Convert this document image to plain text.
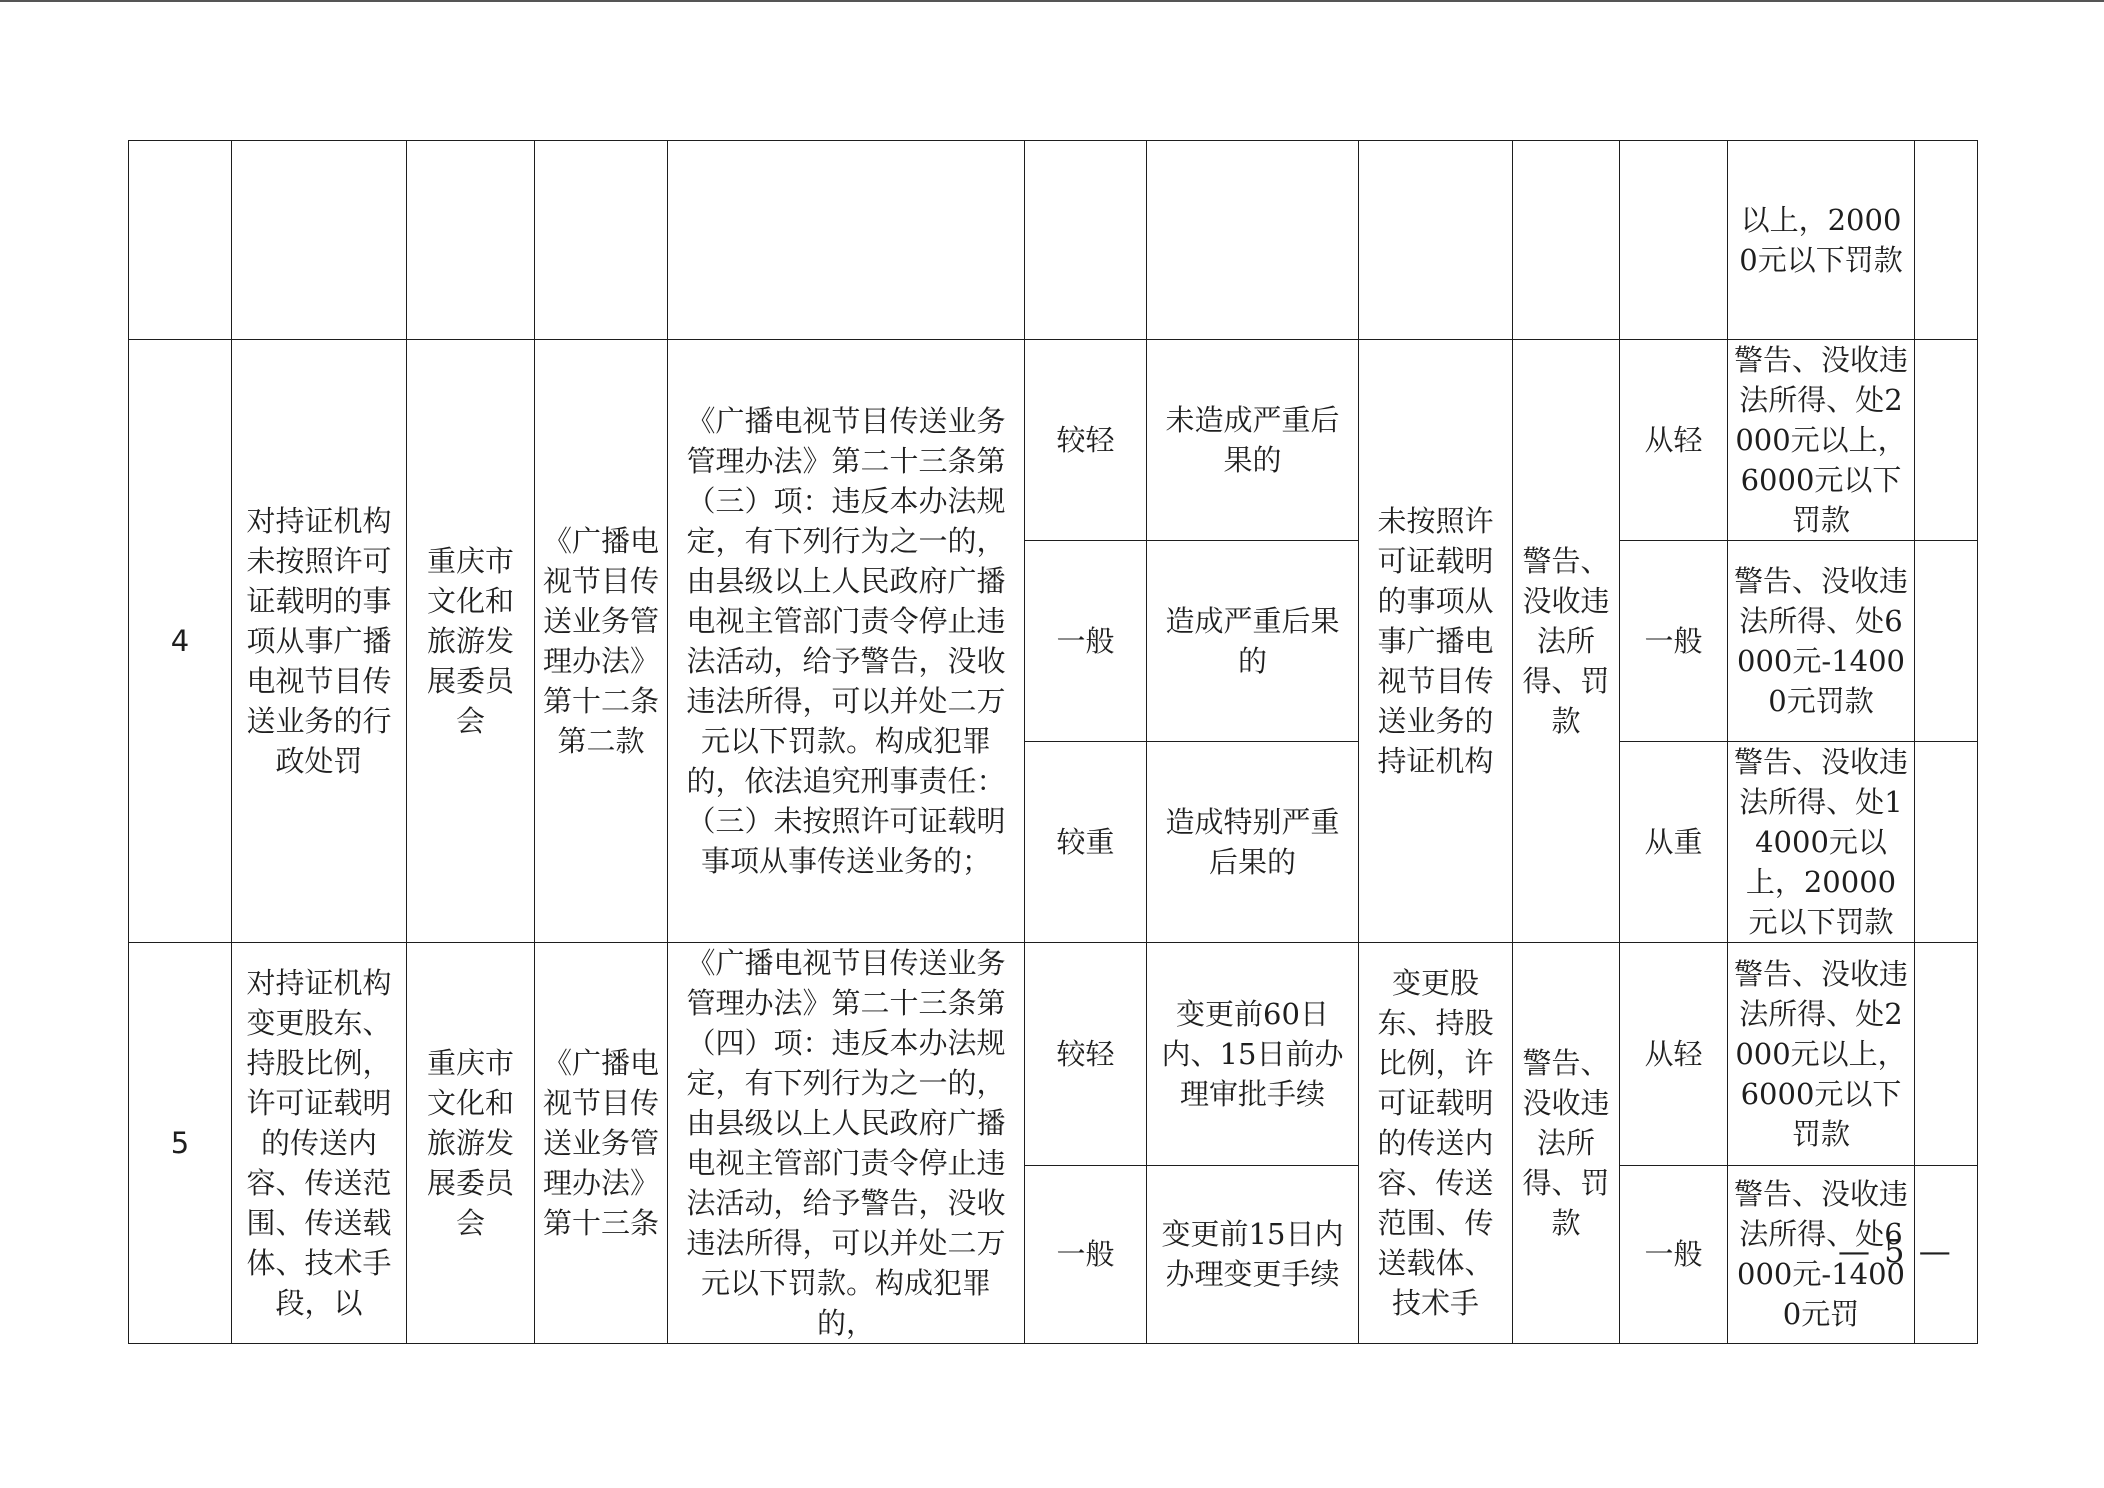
										以上，20000元以下罚款	
4	对持证机构未按照许可证载明的事项从事广播电视节目传送业务的行政处罚	重庆市文化和旅游发展委员会	《广播电视节目传送业务管理办法》第十二条第二款	《广播电视节目传送业务管理办法》第二十三条第（三）项：违反本办法规定，有下列行为之一的，由县级以上人民政府广播电视主管部门责令停止违法活动，给予警告，没收违法所得，可以并处二万元以下罚款。构成犯罪的，依法追究刑事责任：（三）未按照许可证载明事项从事传送业务的；	较轻	未造成严重后果的	未按照许可证载明的事项从事广播电视节目传送业务的持证机构	警告、没收违法所得、罚款	从轻	警告、没收违法所得、处2000元以上，6000元以下罚款	
					一般	造成严重后果的			一般	警告、没收违法所得、处6000元-14000元罚款	
					较重	造成特别严重后果的			从重	警告、没收违法所得、处14000元以上，20000元以下罚款	
5	对持证机构变更股东、持股比例，许可证载明的传送内容、传送范围、传送载体、技术手段，以	重庆市文化和旅游发展委员会	《广播电视节目传送业务管理办法》第十三条	《广播电视节目传送业务管理办法》第二十三条第（四）项：违反本办法规定，有下列行为之一的，由县级以上人民政府广播电视主管部门责令停止违法活动，给予警告，没收违法所得，可以并处二万元以下罚款。构成犯罪的，	较轻	变更前60日内、15日前办理审批手续	变更股东、持股比例，许可证载明的传送内容、传送范围、传送载体、技术手	警告、没收违法所得、罚款	从轻	警告、没收违法所得、处2000元以上，6000元以下罚款	
					一般	变更前15日内办理变更手续			一般	警告、没收违法所得、处6000元-14000元罚	
— 5 —
